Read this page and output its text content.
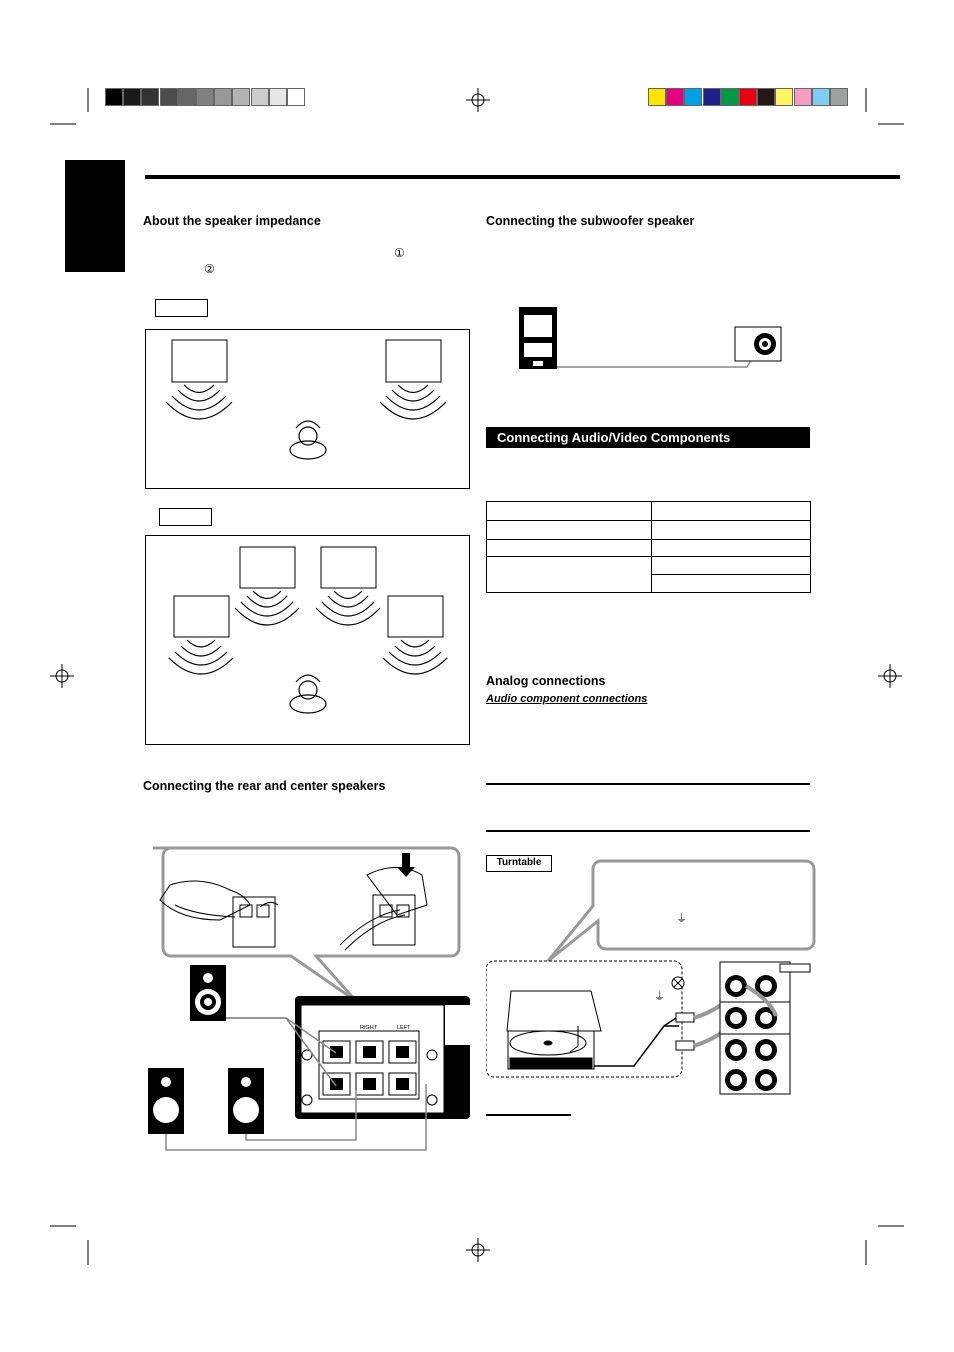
About the speaker impedance
①
②
Connecting the rear and center speakers
RIGHT	LEFT
Connecting the subwoofer speaker
Connecting Audio/Video Components

Analog connections
Audio component connections
Turntable
⏚
⏚
